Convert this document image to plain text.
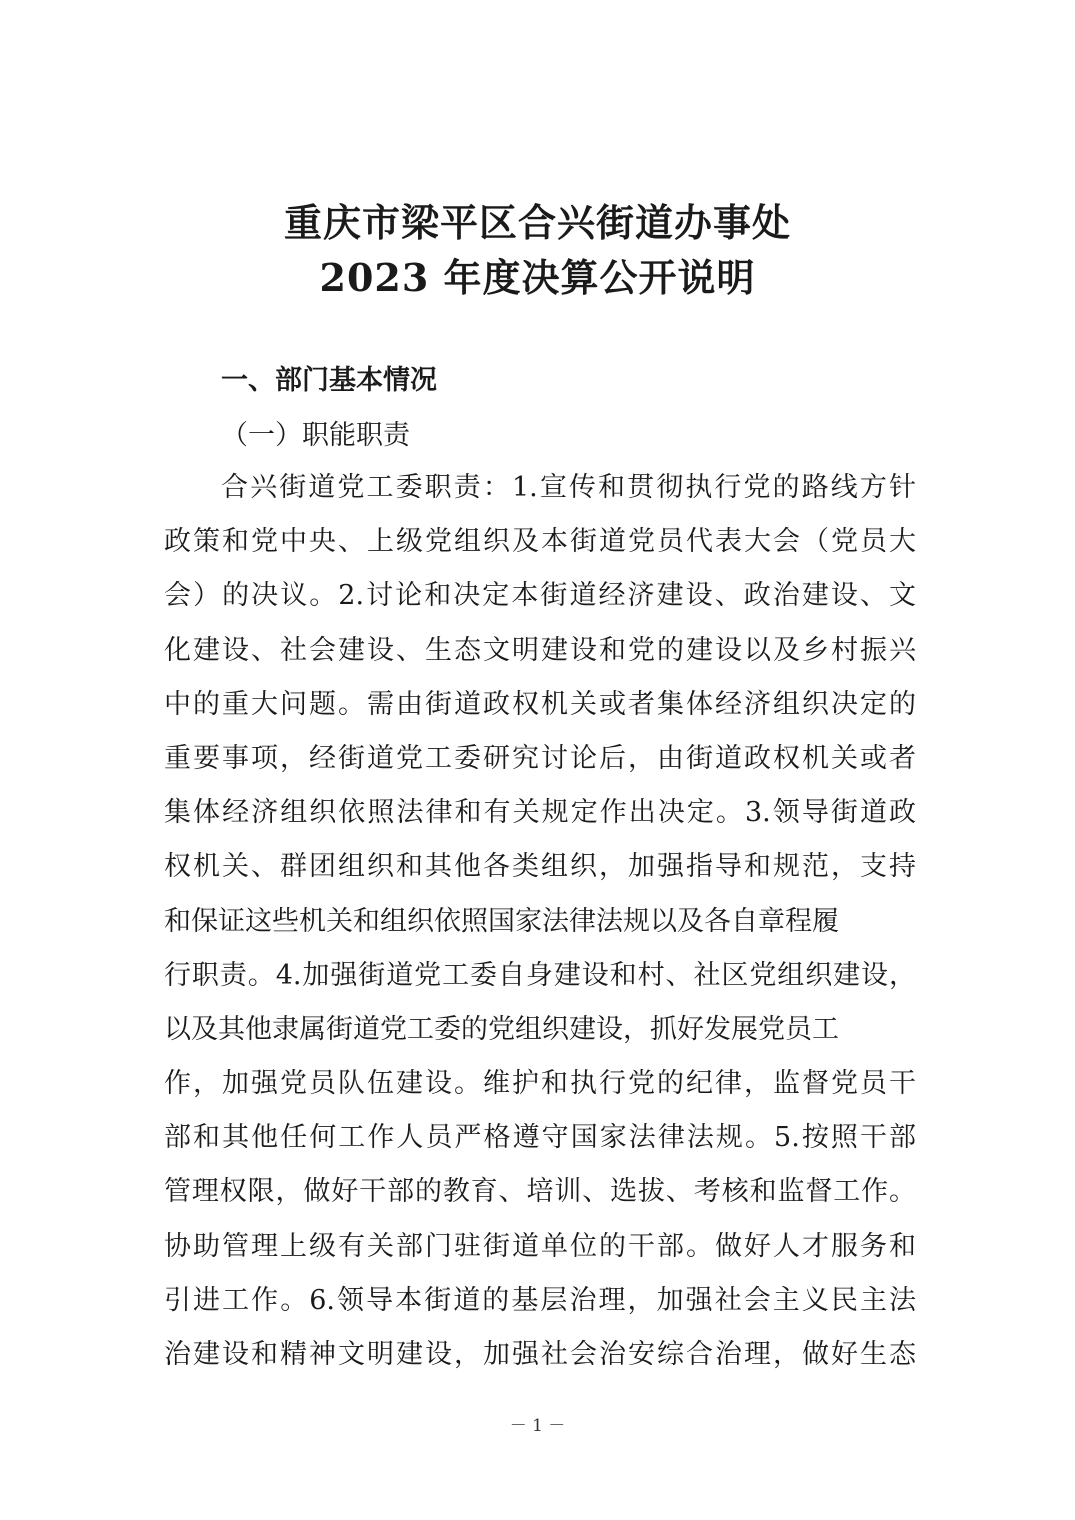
重庆市梁平区合兴街道办事处
2023 年度决算公开说明
一、部门基本情况
（一）职能职责
合兴街道党工委职责：1.宣传和贯彻执行党的路线方针
政策和党中央、上级党组织及本街道党员代表大会（党员大
会）的决议。2.讨论和决定本街道经济建设、政治建设、文
化建设、社会建设、生态文明建设和党的建设以及乡村振兴
中的重大问题。需由街道政权机关或者集体经济组织决定的
重要事项，经街道党工委研究讨论后，由街道政权机关或者
集体经济组织依照法律和有关规定作出决定。3.领导街道政
权机关、群团组织和其他各类组织，加强指导和规范，支持
和保证这些机关和组织依照国家法律法规以及各自章程履
行职责。4.加强街道党工委自身建设和村、社区党组织建设，
以及其他隶属街道党工委的党组织建设，抓好发展党员工
作，加强党员队伍建设。维护和执行党的纪律，监督党员干
部和其他任何工作人员严格遵守国家法律法规。5.按照干部
管理权限，做好干部的教育、培训、选拔、考核和监督工作。
协助管理上级有关部门驻街道单位的干部。做好人才服务和
引进工作。6.领导本街道的基层治理，加强社会主义民主法
治建设和精神文明建设，加强社会治安综合治理，做好生态
－ 1 －
